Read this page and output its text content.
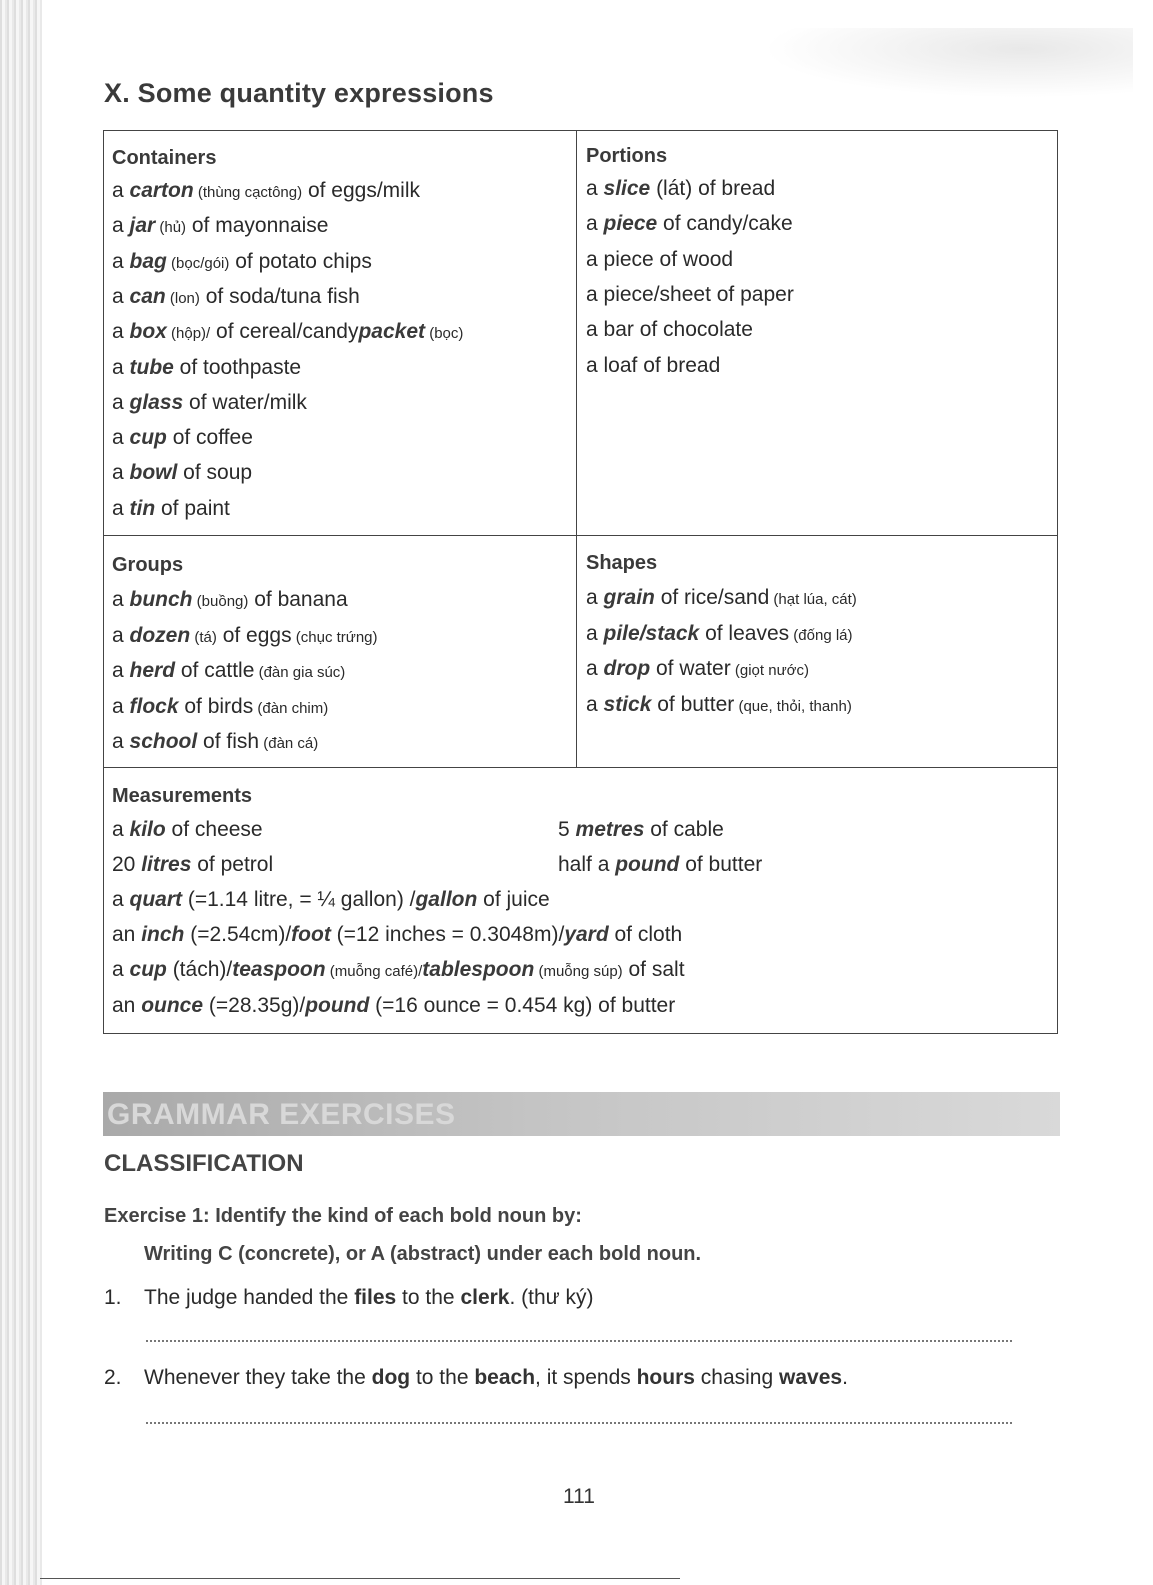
X. Some quantity expressions
Containers
a carton (thùng cạctông) of eggs/milk
a jar (hủ) of mayonnaise
a bag (bọc/gói) of potato chips
a can (lon) of soda/tuna fish
a box (hộp)/ of cereal/candypacket (bọc)
a tube of toothpaste
a glass of water/milk
a cup of coffee
a bowl of soup
a tin of paint
Portions
a slice (lát) of bread
a piece of candy/cake
a piece of wood
a piece/sheet of paper
a bar of chocolate
a loaf of bread
Groups
a bunch (buồng) of banana
a dozen (tá) of eggs (chục trứng)
a herd of cattle (đàn gia súc)
a flock of birds (đàn chim)
a school of fish (đàn cá)
Shapes
a grain of rice/sand (hạt lúa, cát)
a pile/stack of leaves (đống lá)
a drop of water (giọt nước)
a stick of butter (que, thỏi, thanh)
Measurements
a kilo of cheese
20 litres of petrol
5 metres of cable
half a pound of butter
a quart (=1.14 litre, = ¼ gallon) /gallon of juice
an inch (=2.54cm)/foot (=12 inches = 0.3048m)/yard of cloth
a cup (tách)/teaspoon (muỗng café)/tablespoon (muỗng súp) of salt
an ounce (=28.35g)/pound (=16 ounce = 0.454 kg) of butter
GRAMMAR EXERCISES
CLASSIFICATION
Exercise 1: Identify the kind of each bold noun by:
Writing C (concrete), or A (abstract) under each bold noun.
1. The judge handed the files to the clerk. (thư ký)
2. Whenever they take the dog to the beach, it spends hours chasing waves.
111
